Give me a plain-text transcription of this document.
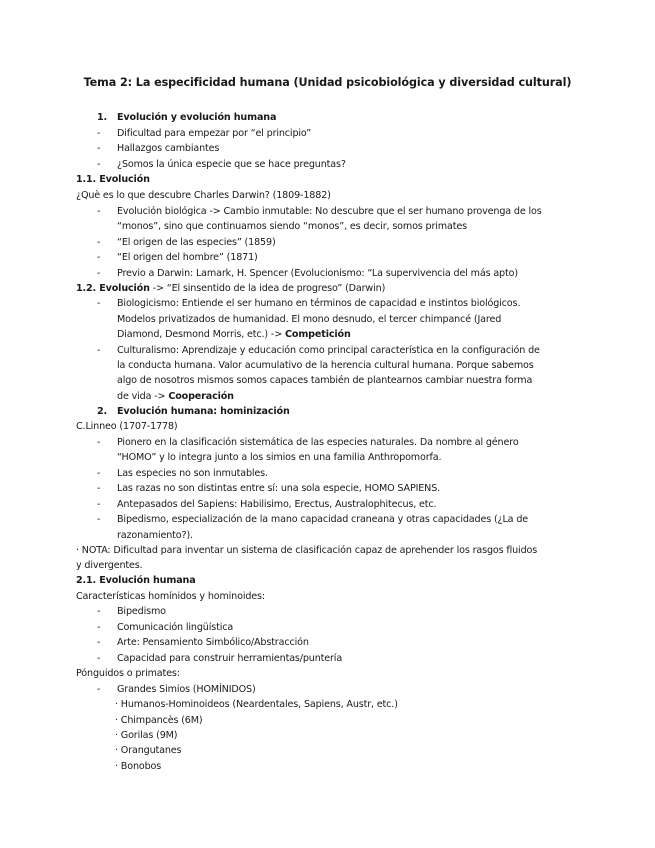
Tema 2: La especificidad humana (Unidad psicobiológica y diversidad cultural)
1. Evolución y evolución humana
- Dificultad para empezar por “el principio”
- Hallazgos cambiantes
- ¿Somos la única especie que se hace preguntas?
1.1. Evolución
¿Què es lo que descubre Charles Darwin? (1809-1882)
- Evolución biológica -> Cambio inmutable: No descubre que el ser humano provenga de los
“monos”, sino que continuamos siendo “monos”, es decir, somos primates
- “El origen de las especies” (1859)
- “El origen del hombre” (1871)
- Previo a Darwin: Lamark, H. Spencer (Evolucionismo: “La supervivencia del más apto)
1.2. Evolución -> “El sinsentido de la idea de progreso” (Darwin)
- Biologicismo: Entiende el ser humano en términos de capacidad e instintos biológicos.
Modelos privatizados de humanidad. El mono desnudo, el tercer chimpancé (Jared
Diamond, Desmond Morris, etc.) -> Competición
- Culturalismo: Aprendizaje y educación como principal característica en la configuración de
la conducta humana. Valor acumulativo de la herencia cultural humana. Porque sabemos
algo de nosotros mismos somos capaces también de plantearnos cambiar nuestra forma
de vida -> Cooperación
2. Evolución humana: hominización
C.Linneo (1707-1778)
- Pionero en la clasificación sistemática de las especies naturales. Da nombre al género
“HOMO” y lo integra junto a los simios en una familia Anthropomorfa.
- Las especies no son inmutables.
- Las razas no son distintas entre sí: una sola especie, HOMO SAPIENS.
- Antepasados del Sapiens: Habilisimo, Erectus, Australophitecus, etc.
- Bipedismo, especialización de la mano capacidad craneana y otras capacidades (¿La de
razonamiento?).
· NOTA: Dificultad para inventar un sistema de clasificación capaz de aprehender los rasgos fluidos
y divergentes.
2.1. Evolución humana
Características homínidos y hominoides:
- Bipedismo
- Comunicación lingüística
- Arte: Pensamiento Simbólico/Abstracción
- Capacidad para construir herramientas/puntería
Pónguidos o primates:
- Grandes Simios (HOMÍNIDOS)
· Humanos-Hominoideos (Neardentales, Sapiens, Austr, etc.)
· Chimpancès (6M)
· Gorilas (9M)
· Orangutanes
· Bonobos
